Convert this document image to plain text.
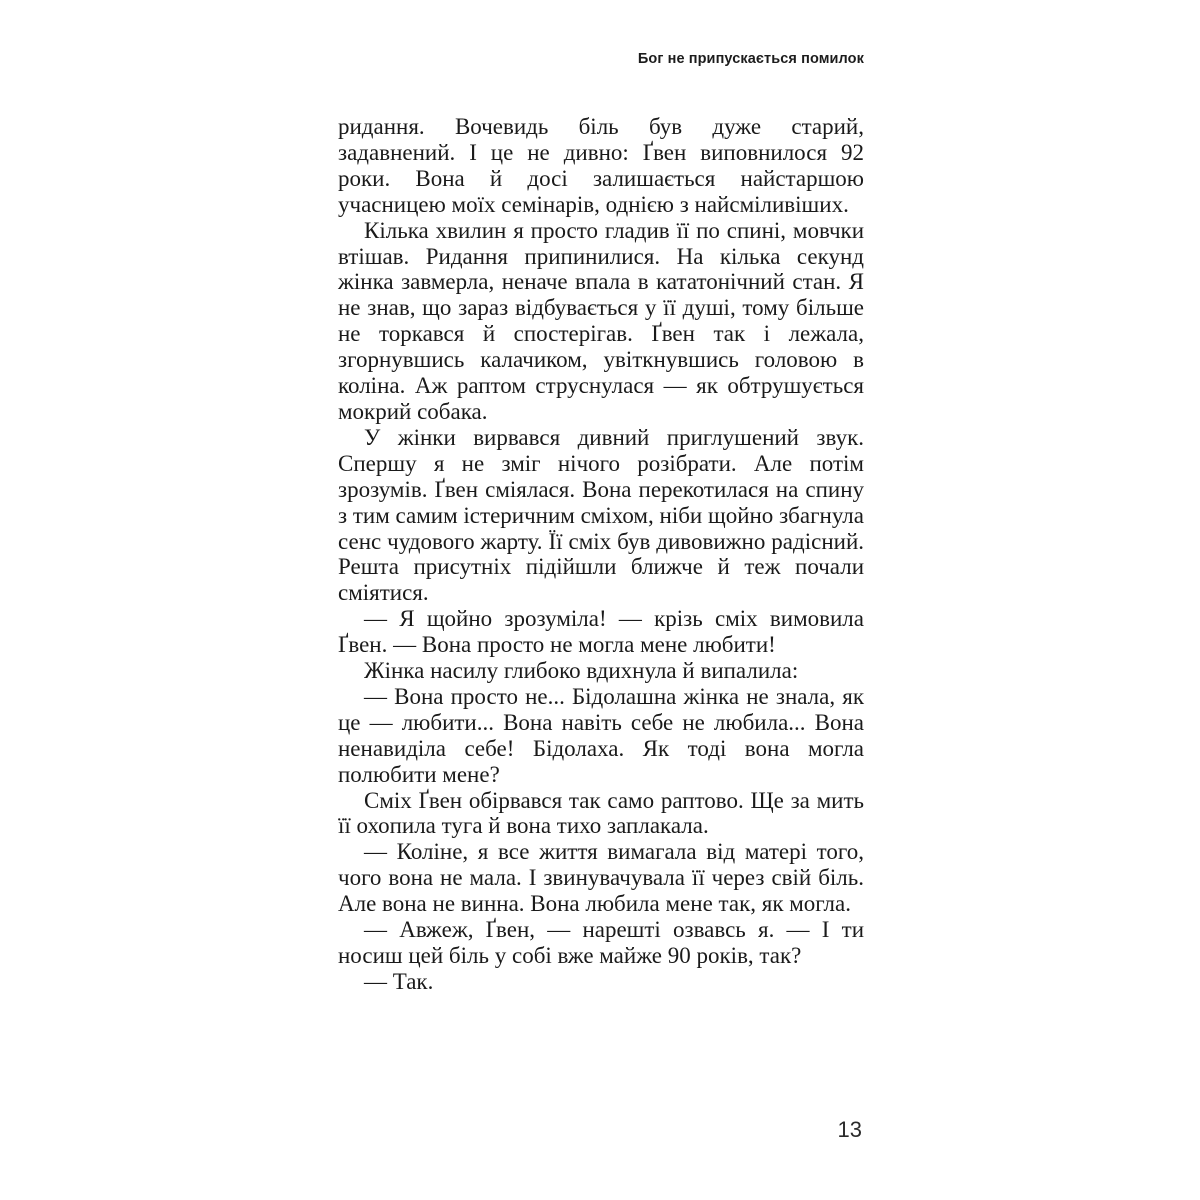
Бог не припускається помилок

ридання. Вочевидь біль був дуже старий, задавнений. І це не дивно: Ґвен виповнилося 92 роки. Вона й досі залишається найстаршою учасницею моїх семінарів, однією з найсміливіших.

Кілька хвилин я просто гладив її по спині, мовчки втішав. Ридання припинилися. На кілька секунд жінка завмерла, неначе впала в кататонічний стан. Я не знав, що зараз відбувається у її душі, тому більше не торкався й спостерігав. Ґвен так і лежала, згорнувшись калачиком, увіткнувшись головою в коліна. Аж раптом струснулася — як обтрушується мокрий собака.

У жінки вирвався дивний приглушений звук. Спершу я не зміг нічого розібрати. Але потім зрозумів. Ґвен сміялася. Вона перекотилася на спину з тим самим істеричним сміхом, ніби щойно збагнула сенс чудового жарту. Її сміх був дивовижно радісний. Решта присутніх підійшли ближче й теж почали сміятися.

— Я щойно зрозуміла! — крізь сміх вимовила Ґвен. — Вона просто не могла мене любити!

Жінка насилу глибоко вдихнула й випалила:

— Вона просто не... Бідолашна жінка не знала, як це — любити... Вона навіть себе не любила... Вона ненавиділа себе! Бідолаха. Як тоді вона могла полюбити мене?

Сміх Ґвен обірвався так само раптово. Ще за мить її охопила туга й вона тихо заплакала.

— Коліне, я все життя вимагала від матері того, чого вона не мала. І звинувачувала її через свій біль. Але вона не винна. Вона любила мене так, як могла.

— Авжеж, Ґвен, — нарешті озвавсь я. — І ти носиш цей біль у собі вже майже 90 років, так?

— Так.

13
